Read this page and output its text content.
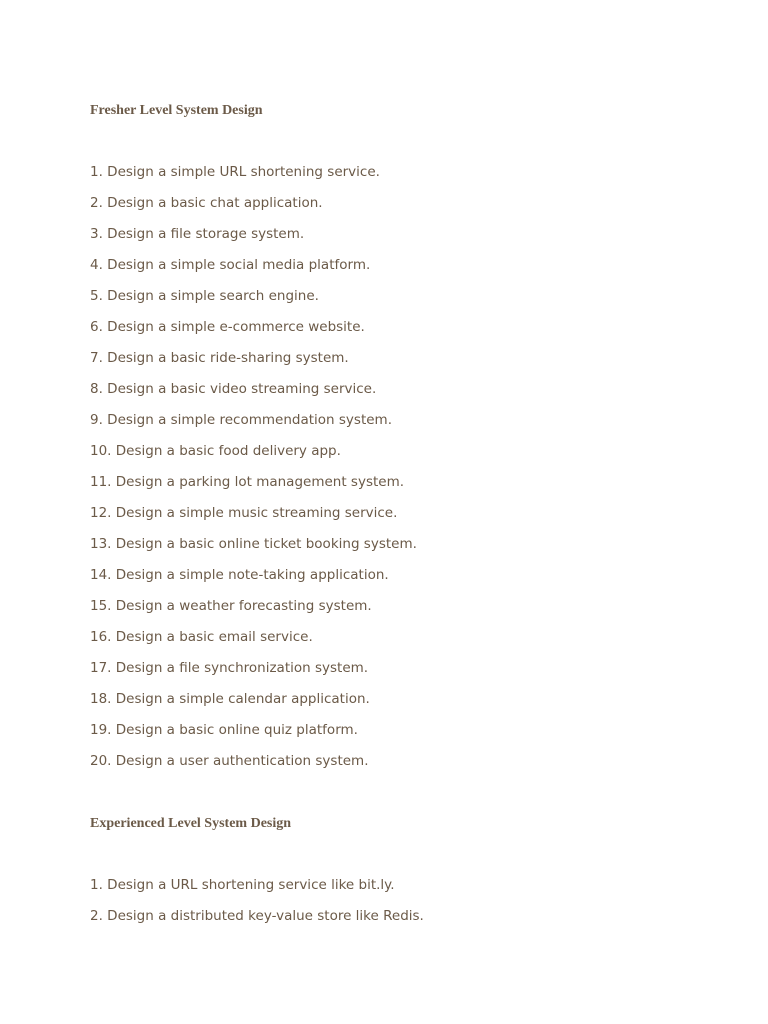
Fresher Level System Design
1. Design a simple URL shortening service.
2. Design a basic chat application.
3. Design a file storage system.
4. Design a simple social media platform.
5. Design a simple search engine.
6. Design a simple e-commerce website.
7. Design a basic ride-sharing system.
8. Design a basic video streaming service.
9. Design a simple recommendation system.
10. Design a basic food delivery app.
11. Design a parking lot management system.
12. Design a simple music streaming service.
13. Design a basic online ticket booking system.
14. Design a simple note-taking application.
15. Design a weather forecasting system.
16. Design a basic email service.
17. Design a file synchronization system.
18. Design a simple calendar application.
19. Design a basic online quiz platform.
20. Design a user authentication system.
Experienced Level System Design
1. Design a URL shortening service like bit.ly.
2. Design a distributed key-value store like Redis.
